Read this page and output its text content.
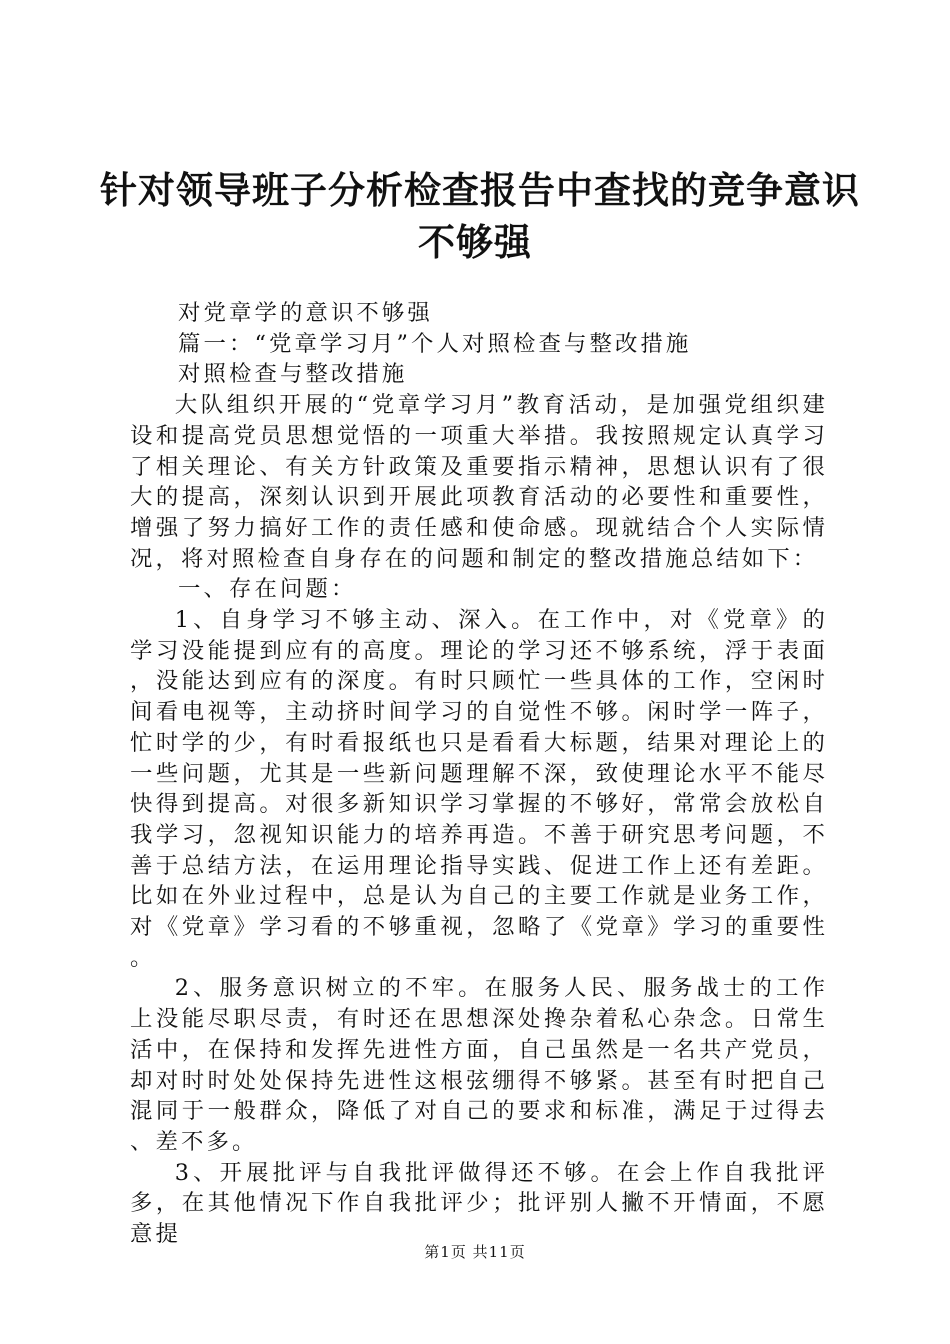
针对领导班子分析检查报告中查找的竞争意识
不够强

对党章学的意识不够强

篇一：“党章学习月”个人对照检查与整改措施

对照检查与整改措施

大队组织开展的“党章学习月”教育活动，是加强党组织建设和提高党员思想觉悟的一项重大举措。我按照规定认真学习了相关理论、有关方针政策及重要指示精神，思想认识有了很大的提高，深刻认识到开展此项教育活动的必要性和重要性，增强了努力搞好工作的责任感和使命感。现就结合个人实际情况，将对照检查自身存在的问题和制定的整改措施总结如下：

一、存在问题：

1、自身学习不够主动、深入。在工作中，对《党章》的学习没能提到应有的高度。理论的学习还不够系统，浮于表面，没能达到应有的深度。有时只顾忙一些具体的工作，空闲时间看电视等，主动挤时间学习的自觉性不够。闲时学一阵子，忙时学的少，有时看报纸也只是看看大标题，结果对理论上的一些问题，尤其是一些新问题理解不深，致使理论水平不能尽快得到提高。对很多新知识学习掌握的不够好，常常会放松自我学习，忽视知识能力的培养再造。不善于研究思考问题，不善于总结方法，在运用理论指导实践、促进工作上还有差距。比如在外业过程中，总是认为自己的主要工作就是业务工作，对《党章》学习看的不够重视，忽略了《党章》学习的重要性。

2、服务意识树立的不牢。在服务人民、服务战士的工作上没能尽职尽责，有时还在思想深处搀杂着私心杂念。日常生活中，在保持和发挥先进性方面，自己虽然是一名共产党员，却对时时处处保持先进性这根弦绷得不够紧。甚至有时把自己混同于一般群众，降低了对自己的要求和标准，满足于过得去、差不多。

3、开展批评与自我批评做得还不够。在会上作自我批评多，在其他情况下作自我批评少；批评别人撇不开情面，不愿意提

第1页 共11页
